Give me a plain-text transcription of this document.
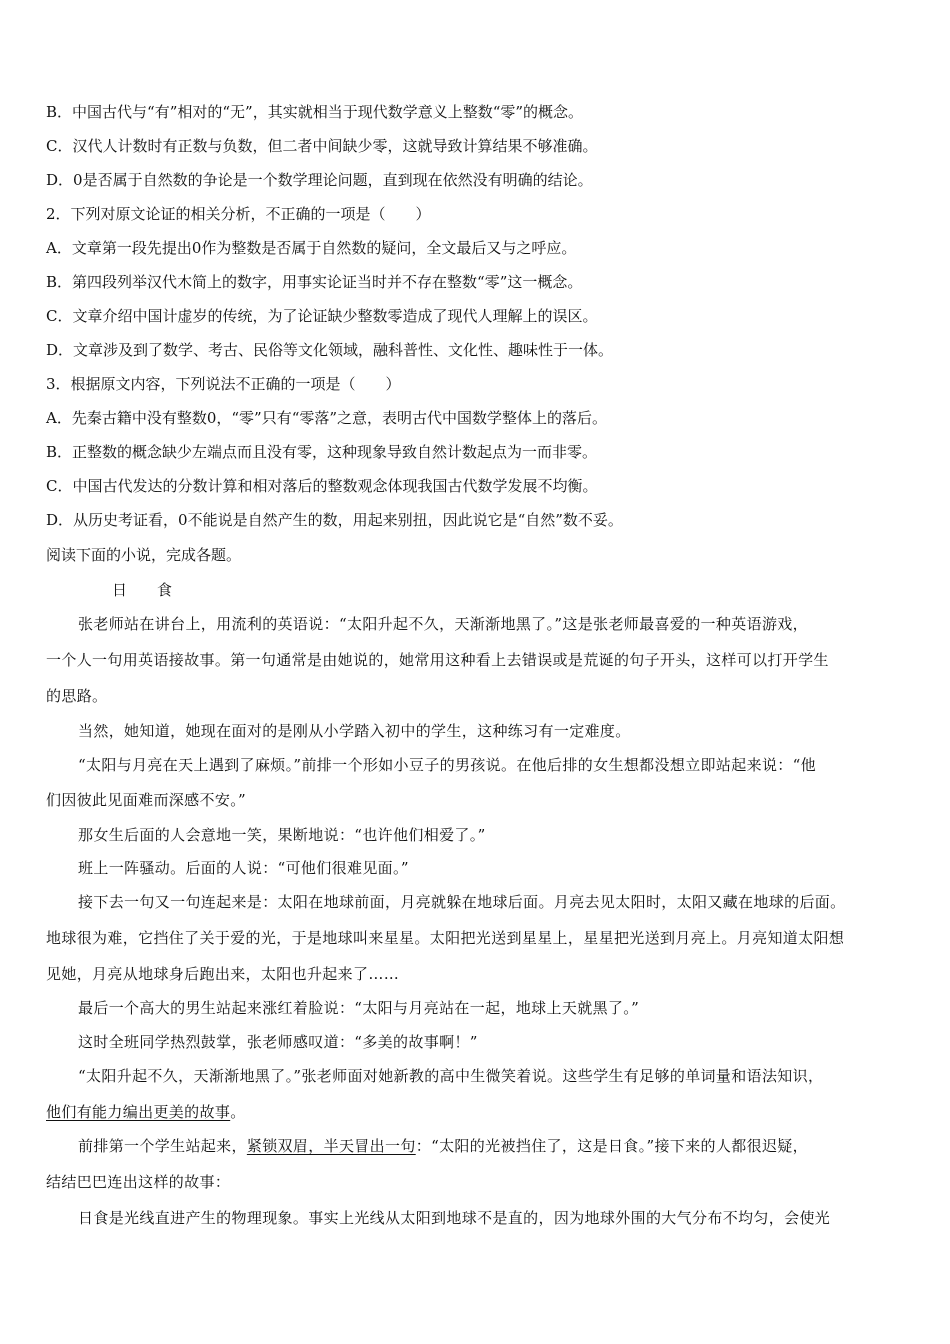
B．中国古代与“有”相对的“无”，其实就相当于现代数学意义上整数“零”的概念。
C．汉代人计数时有正数与负数，但二者中间缺少零，这就导致计算结果不够准确。
D．0是否属于自然数的争论是一个数学理论问题，直到现在依然没有明确的结论。
2．下列对原文论证的相关分析，不正确的一项是（　　）
A．文章第一段先提出0作为整数是否属于自然数的疑问，全文最后又与之呼应。
B．第四段列举汉代木简上的数字，用事实论证当时并不存在整数“零”这一概念。
C．文章介绍中国计虚岁的传统，为了论证缺少整数零造成了现代人理解上的误区。
D．文章涉及到了数学、考古、民俗等文化领域，融科普性、文化性、趣味性于一体。
3．根据原文内容，下列说法不正确的一项是（　　）
A．先秦古籍中没有整数0，“零”只有“零落”之意，表明古代中国数学整体上的落后。
B．正整数的概念缺少左端点而且没有零，这种现象导致自然计数起点为一而非零。
C．中国古代发达的分数计算和相对落后的整数观念体现我国古代数学发展不均衡。
D．从历史考证看，0不能说是自然产生的数，用起来别扭，因此说它是“自然”数不妥。
阅读下面的小说，完成各题。
日　　食
张老师站在讲台上，用流利的英语说：“太阳升起不久，天渐渐地黑了。”这是张老师最喜爱的一种英语游戏，
一个人一句用英语接故事。第一句通常是由她说的，她常用这种看上去错误或是荒诞的句子开头，这样可以打开学生
的思路。
当然，她知道，她现在面对的是刚从小学踏入初中的学生，这种练习有一定难度。
“太阳与月亮在天上遇到了麻烦。”前排一个形如小豆子的男孩说。在他后排的女生想都没想立即站起来说：“他
们因彼此见面难而深感不安。”
那女生后面的人会意地一笑，果断地说：“也许他们相爱了。”
班上一阵骚动。后面的人说：“可他们很难见面。”
接下去一句又一句连起来是：太阳在地球前面，月亮就躲在地球后面。月亮去见太阳时，太阳又藏在地球的后面。
地球很为难，它挡住了关于爱的光，于是地球叫来星星。太阳把光送到星星上，星星把光送到月亮上。月亮知道太阳想
见她，月亮从地球身后跑出来，太阳也升起来了……
最后一个高大的男生站起来涨红着脸说：“太阳与月亮站在一起，地球上天就黑了。”
这时全班同学热烈鼓掌，张老师感叹道：“多美的故事啊！”
“太阳升起不久，天渐渐地黑了。”张老师面对她新教的高中生微笑着说。这些学生有足够的单词量和语法知识，
他们有能力编出更美的故事。
前排第一个学生站起来，紧锁双眉，半天冒出一句：“太阳的光被挡住了，这是日食。”接下来的人都很迟疑，
结结巴巴连出这样的故事：
日食是光线直进产生的物理现象。事实上光线从太阳到地球不是直的，因为地球外围的大气分布不均匀，会使光
